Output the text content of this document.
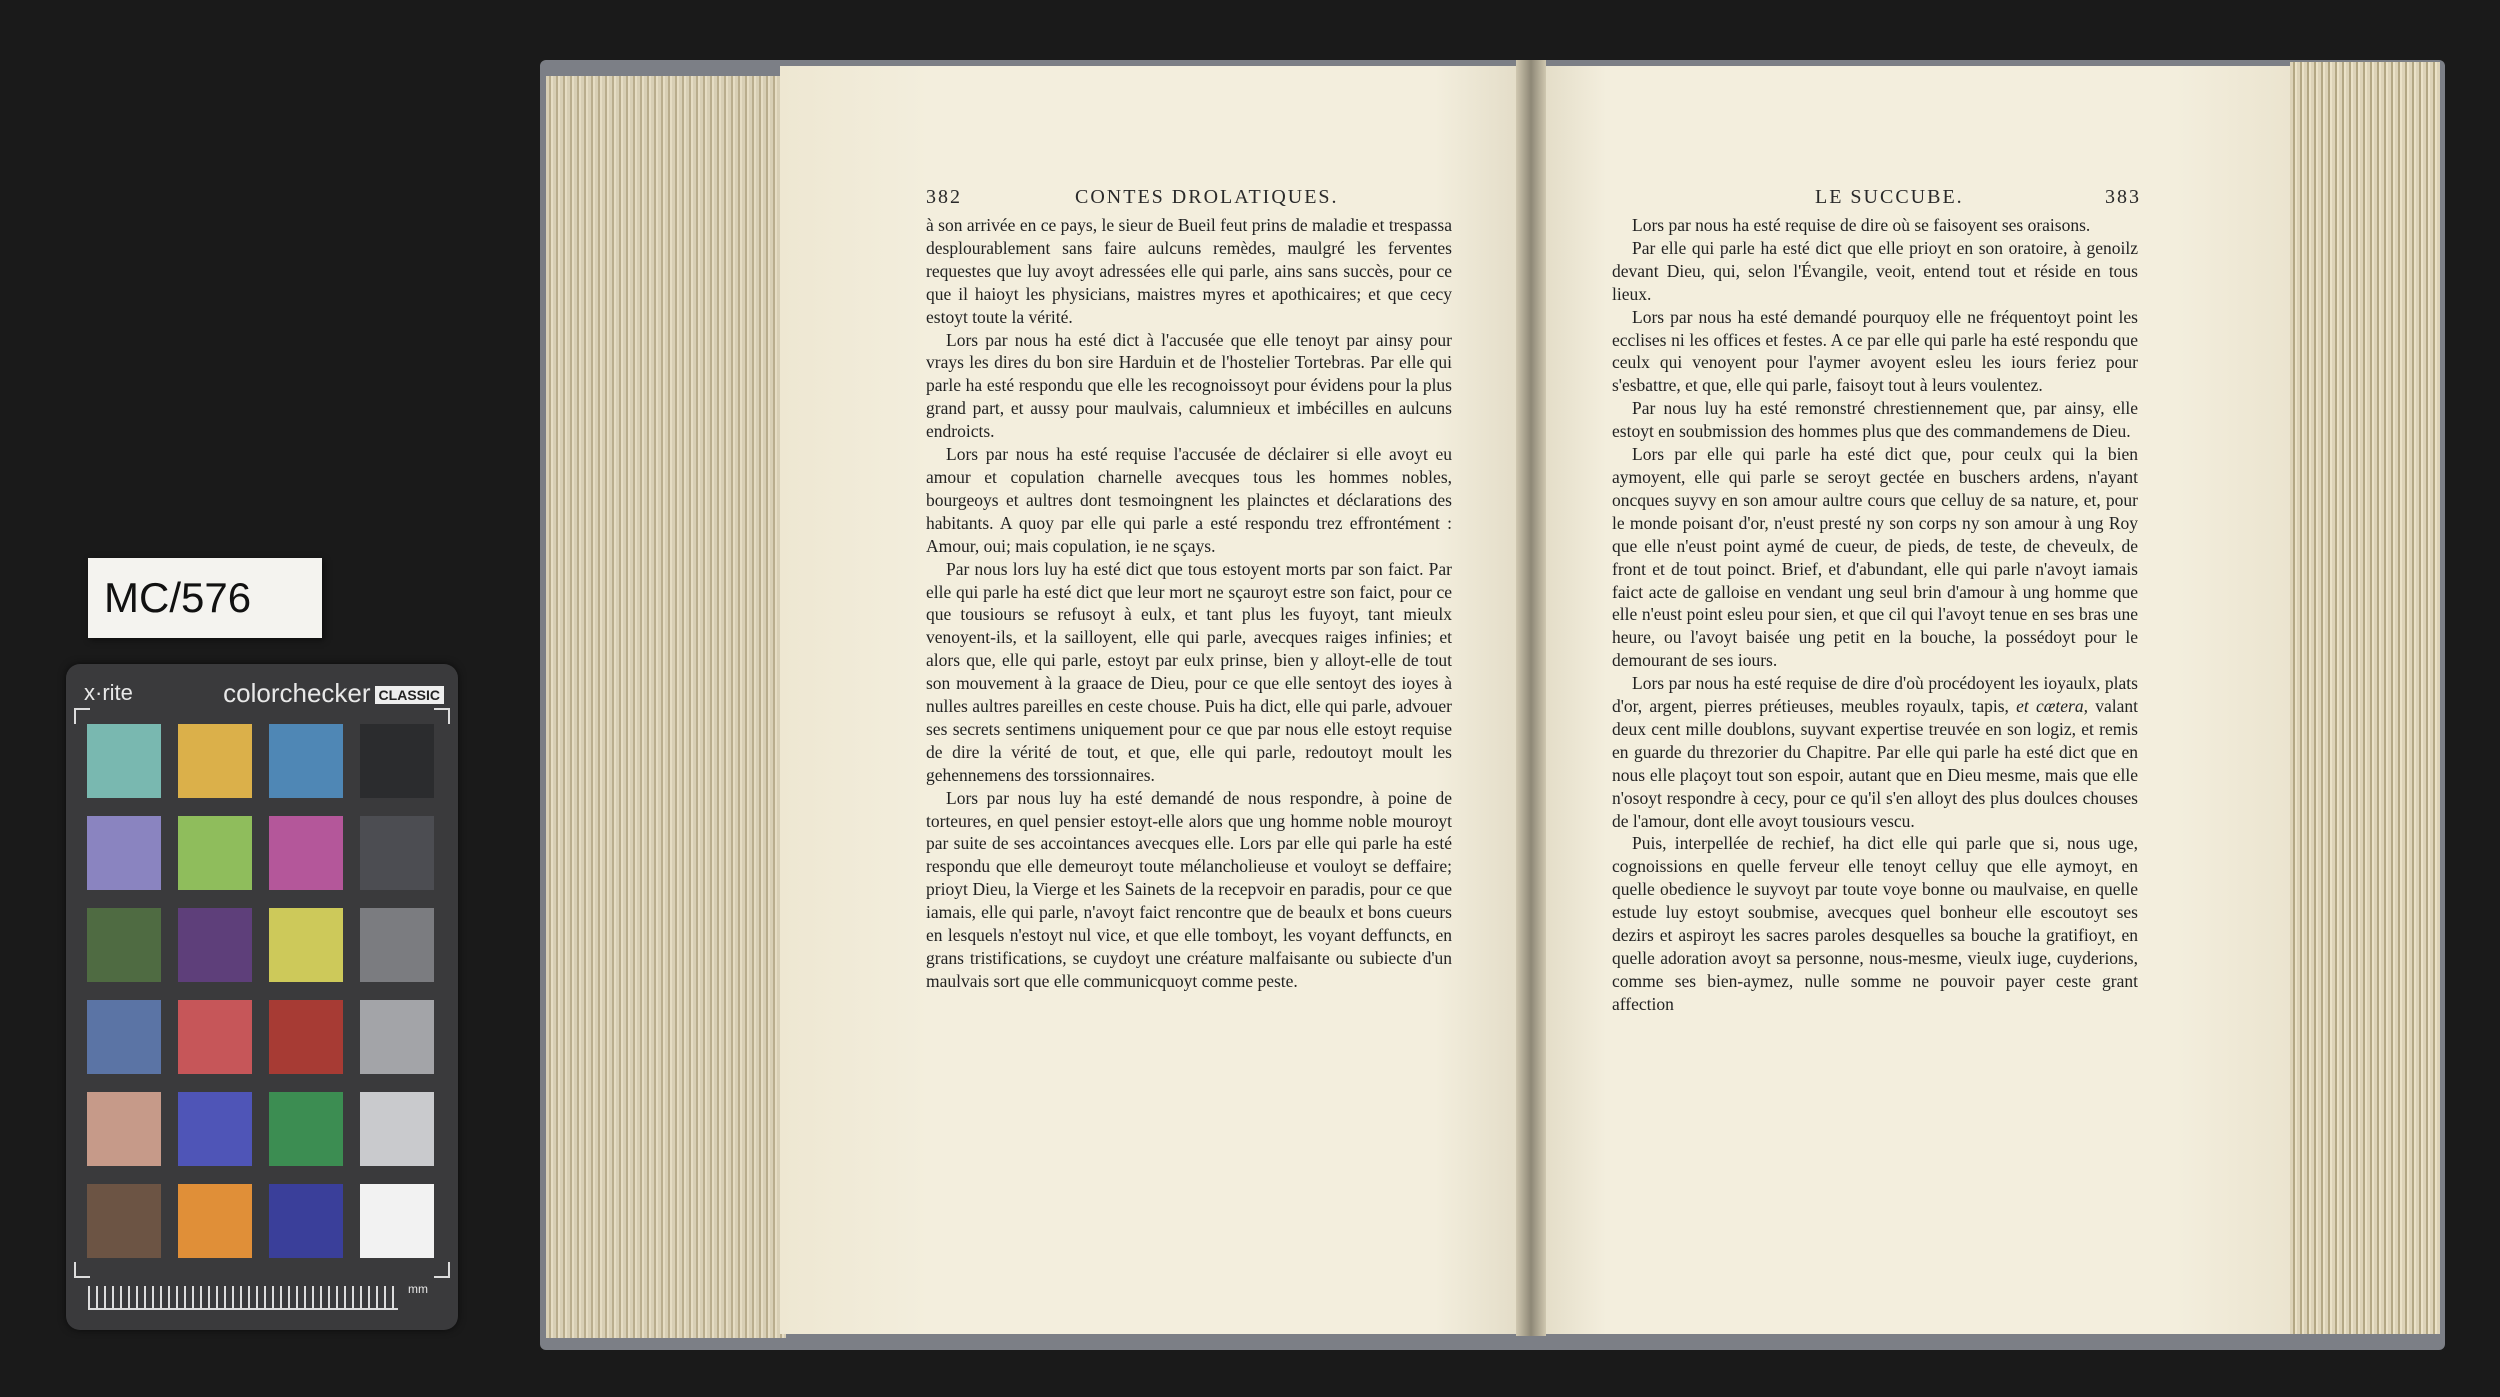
MC/576
x·rite	colorchecker CLASSIC
mm
382	CONTES DROLATIQUES.

à son arrivée en ce pays, le sieur de Bueil feut prins de maladie et trespassa desplourablement sans faire aulcuns remèdes, maulgré les ferventes requestes que luy avoyt adressées elle qui parle, ains sans succès, pour ce que il haioyt les physicians, maistres myres et apothicaires; et que cecy estoyt toute la vérité.

Lors par nous ha esté dict à l'accusée que elle tenoyt par ainsy pour vrays les dires du bon sire Harduin et de l'hostelier Tortebras. Par elle qui parle ha esté respondu que elle les recognoissoyt pour évidens pour la plus grand part, et aussy pour maulvais, calumnieux et imbécilles en aulcuns endroicts.

Lors par nous ha esté requise l'accusée de déclairer si elle avoyt eu amour et copulation charnelle avecques tous les hommes nobles, bourgeoys et aultres dont tesmoingnent les plainctes et déclarations des habitants. A quoy par elle qui parle a esté respondu trez effrontément : Amour, oui; mais copulation, ie ne sçays.

Par nous lors luy ha esté dict que tous estoyent morts par son faict. Par elle qui parle ha esté dict que leur mort ne sçauroyt estre son faict, pour ce que tousiours se refusoyt à eulx, et tant plus les fuyoyt, tant mieulx venoyent-ils, et la sailloyent, elle qui parle, avecques raiges infinies; et alors que, elle qui parle, estoyt par eulx prinse, bien y alloyt-elle de tout son mouvement à la graace de Dieu, pour ce que elle sentoyt des ioyes à nulles aultres pareilles en ceste chouse. Puis ha dict, elle qui parle, advouer ses secrets sentimens uniquement pour ce que par nous elle estoyt requise de dire la vérité de tout, et que, elle qui parle, redoutoyt moult les gehennemens des torssionnaires.

Lors par nous luy ha esté demandé de nous respondre, à poine de torteures, en quel pensier estoyt-elle alors que ung homme noble mouroyt par suite de ses accointances avecques elle. Lors par elle qui parle ha esté respondu que elle demeuroyt toute mélancholieuse et vouloyt se deffaire; prioyt Dieu, la Vierge et les Sainets de la recepvoir en paradis, pour ce que iamais, elle qui parle, n'avoyt faict rencontre que de beaulx et bons cueurs en lesquels n'estoyt nul vice, et que elle tomboyt, les voyant deffuncts, en grans tristifications, se cuydoyt une créature malfaisante ou subiecte d'un maulvais sort que elle communicquoyt comme peste.

LE SUCCUBE.	383

Lors par nous ha esté requise de dire où se faisoyent ses oraisons.

Par elle qui parle ha esté dict que elle prioyt en son oratoire, à genoilz devant Dieu, qui, selon l'Évangile, veoit, entend tout et réside en tous lieux.

Lors par nous ha esté demandé pourquoy elle ne fréquentoyt point les ecclises ni les offices et festes. A ce par elle qui parle ha esté respondu que ceulx qui venoyent pour l'aymer avoyent esleu les iours feriez pour s'esbattre, et que, elle qui parle, faisoyt tout à leurs voulentez.

Par nous luy ha esté remonstré chrestiennement que, par ainsy, elle estoyt en soubmission des hommes plus que des commandemens de Dieu.

Lors par elle qui parle ha esté dict que, pour ceulx qui la bien aymoyent, elle qui parle se seroyt gectée en buschers ardens, n'ayant oncques suyvy en son amour aultre cours que celluy de sa nature, et, pour le monde poisant d'or, n'eust presté ny son corps ny son amour à ung Roy que elle n'eust point aymé de cueur, de pieds, de teste, de cheveulx, de front et de tout poinct. Brief, et d'abundant, elle qui parle n'avoyt iamais faict acte de galloise en vendant ung seul brin d'amour à ung homme que elle n'eust point esleu pour sien, et que cil qui l'avoyt tenue en ses bras une heure, ou l'avoyt baisée ung petit en la bouche, la possédoyt pour le demourant de ses iours.

Lors par nous ha esté requise de dire d'où procédoyent les ioyaulx, plats d'or, argent, pierres prétieuses, meubles royaulx, tapis, et cætera, valant deux cent mille doublons, suyvant expertise treuvée en son logiz, et remis en guarde du threzorier du Chapitre. Par elle qui parle ha esté dict que en nous elle plaçoyt tout son espoir, autant que en Dieu mesme, mais que elle n'osoyt respondre à cecy, pour ce qu'il s'en alloyt des plus doulces chouses de l'amour, dont elle avoyt tousiours vescu.

Puis, interpellée de rechief, ha dict elle qui parle que si, nous uge, cognoissions en quelle ferveur elle tenoyt celluy que elle aymoyt, en quelle obedience le suyvoyt par toute voye bonne ou maulvaise, en quelle estude luy estoyt soubmise, avecques quel bonheur elle escoutoyt ses dezirs et aspiroyt les sacres paroles desquelles sa bouche la gratifioyt, en quelle adoration avoyt sa personne, nous-mesme, vieulx iuge, cuyderions, comme ses bien-aymez, nulle somme ne pouvoir payer ceste grant affection
